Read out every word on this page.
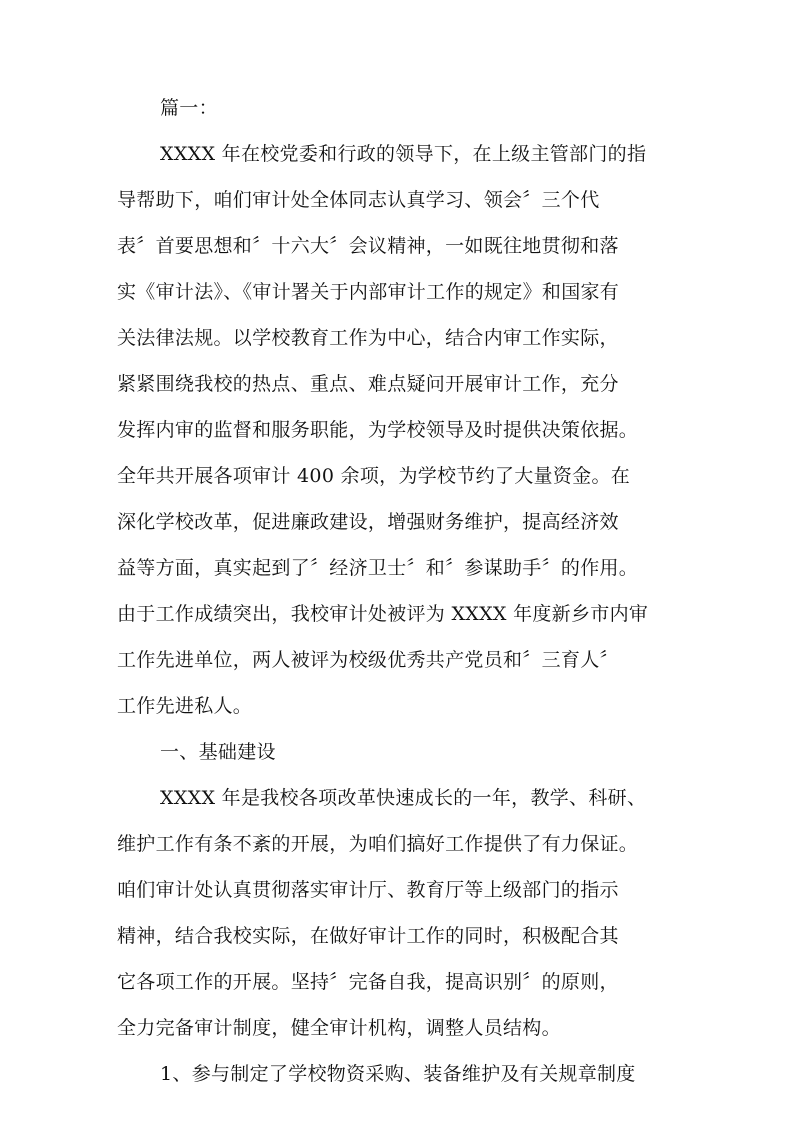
篇一：
XXXX 年在校党委和行政的领导下，在上级主管部门的指
导帮助下，咱们审计处全体同志认真学习、领会〞三个代
表〞首要思想和〞十六大〞会议精神，一如既往地贯彻和落
实《审计法》、《审计署关于内部审计工作的规定》和国家有
关法律法规。以学校教育工作为中心，结合内审工作实际，
紧紧围绕我校的热点、重点、难点疑问开展审计工作，充分
发挥内审的监督和服务职能，为学校领导及时提供决策依据。
全年共开展各项审计 400 余项，为学校节约了大量资金。在
深化学校改革，促进廉政建设，增强财务维护，提高经济效
益等方面，真实起到了〞经济卫士〞和〞参谋助手〞的作用。
由于工作成绩突出，我校审计处被评为 XXXX 年度新乡市内审
工作先进单位，两人被评为校级优秀共产党员和〞三育人〞
工作先进私人。
一、基础建设
XXXX 年是我校各项改革快速成长的一年，教学、科研、
维护工作有条不紊的开展，为咱们搞好工作提供了有力保证。
咱们审计处认真贯彻落实审计厅、教育厅等上级部门的指示
精神，结合我校实际，在做好审计工作的同时，积极配合其
它各项工作的开展。坚持〞完备自我，提高识别〞的原则，
全力完备审计制度，健全审计机构，调整人员结构。
1、参与制定了学校物资采购、装备维护及有关规章制度
